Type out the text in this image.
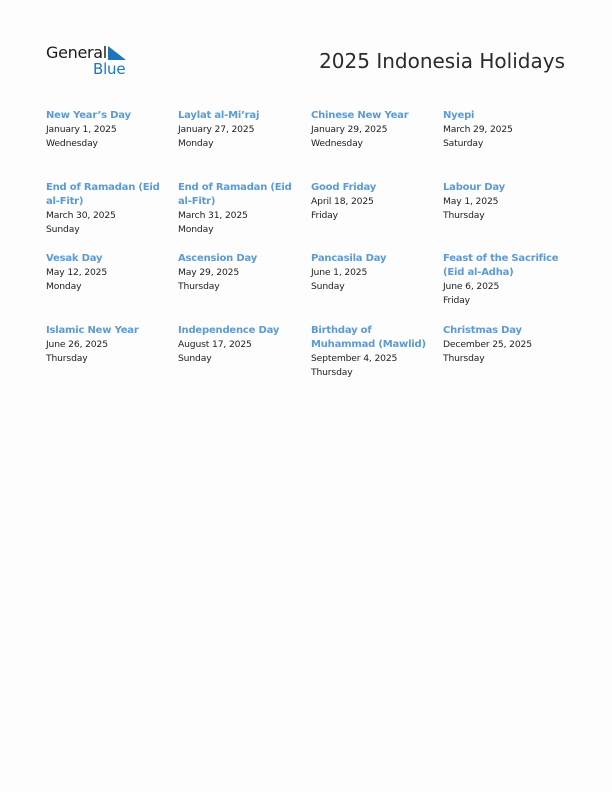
General
Blue	2025 Indonesia Holidays
New Year’s Day
January 1, 2025
Wednesday
Laylat al-Mi’raj
January 27, 2025
Monday
Chinese New Year
January 29, 2025
Wednesday
Nyepi
March 29, 2025
Saturday
End of Ramadan (Eid al-Fitr)
March 30, 2025
Sunday
End of Ramadan (Eid al-Fitr)
March 31, 2025
Monday
Good Friday
April 18, 2025
Friday
Labour Day
May 1, 2025
Thursday
Vesak Day
May 12, 2025
Monday
Ascension Day
May 29, 2025
Thursday
Pancasila Day
June 1, 2025
Sunday
Feast of the Sacrifice (Eid al-Adha)
June 6, 2025
Friday
Islamic New Year
June 26, 2025
Thursday
Independence Day
August 17, 2025
Sunday
Birthday of Muhammad (Mawlid)
September 4, 2025
Thursday
Christmas Day
December 25, 2025
Thursday
